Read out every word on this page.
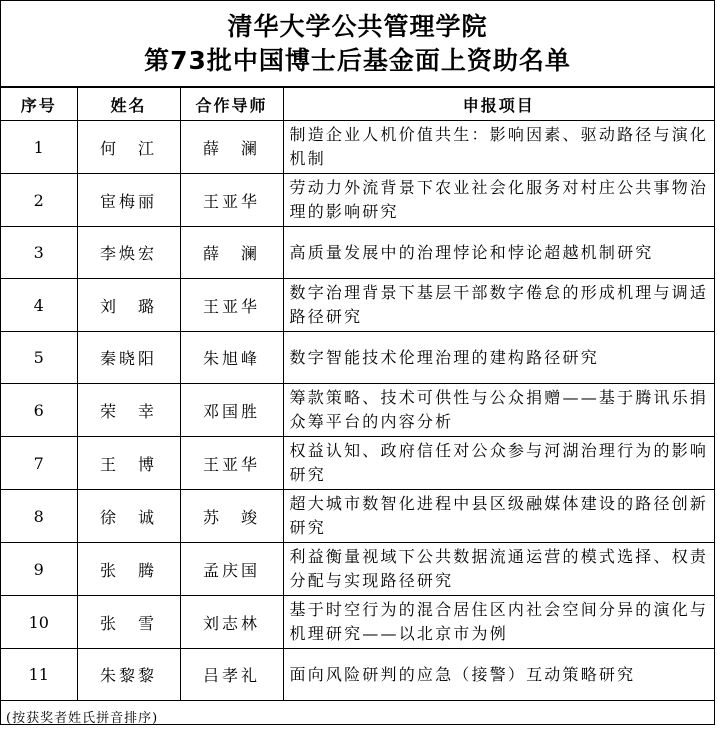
清华大学公共管理学院
第73批中国博士后基金面上资助名单
序号	姓名	合作导师	申报项目
1	何　江	薛　澜	制造企业人机价值共生：影响因素、驱动路径与演化机制
2	宦梅丽	王亚华	劳动力外流背景下农业社会化服务对村庄公共事物治理的影响研究
3	李焕宏	薛　澜	高质量发展中的治理悖论和悖论超越机制研究
4	刘　璐	王亚华	数字治理背景下基层干部数字倦怠的形成机理与调适路径研究
5	秦晓阳	朱旭峰	数字智能技术伦理治理的建构路径研究
6	荣　幸	邓国胜	筹款策略、技术可供性与公众捐赠——基于腾讯乐捐众筹平台的内容分析
7	王　博	王亚华	权益认知、政府信任对公众参与河湖治理行为的影响研究
8	徐　诚	苏　竣	超大城市数智化进程中县区级融媒体建设的路径创新研究
9	张　腾	孟庆国	利益衡量视域下公共数据流通运营的模式选择、权责分配与实现路径研究
10	张　雪	刘志林	基于时空行为的混合居住区内社会空间分异的演化与机理研究——以北京市为例
11	朱黎黎	吕孝礼	面向风险研判的应急（接警）互动策略研究
(按获奖者姓氏拼音排序)
